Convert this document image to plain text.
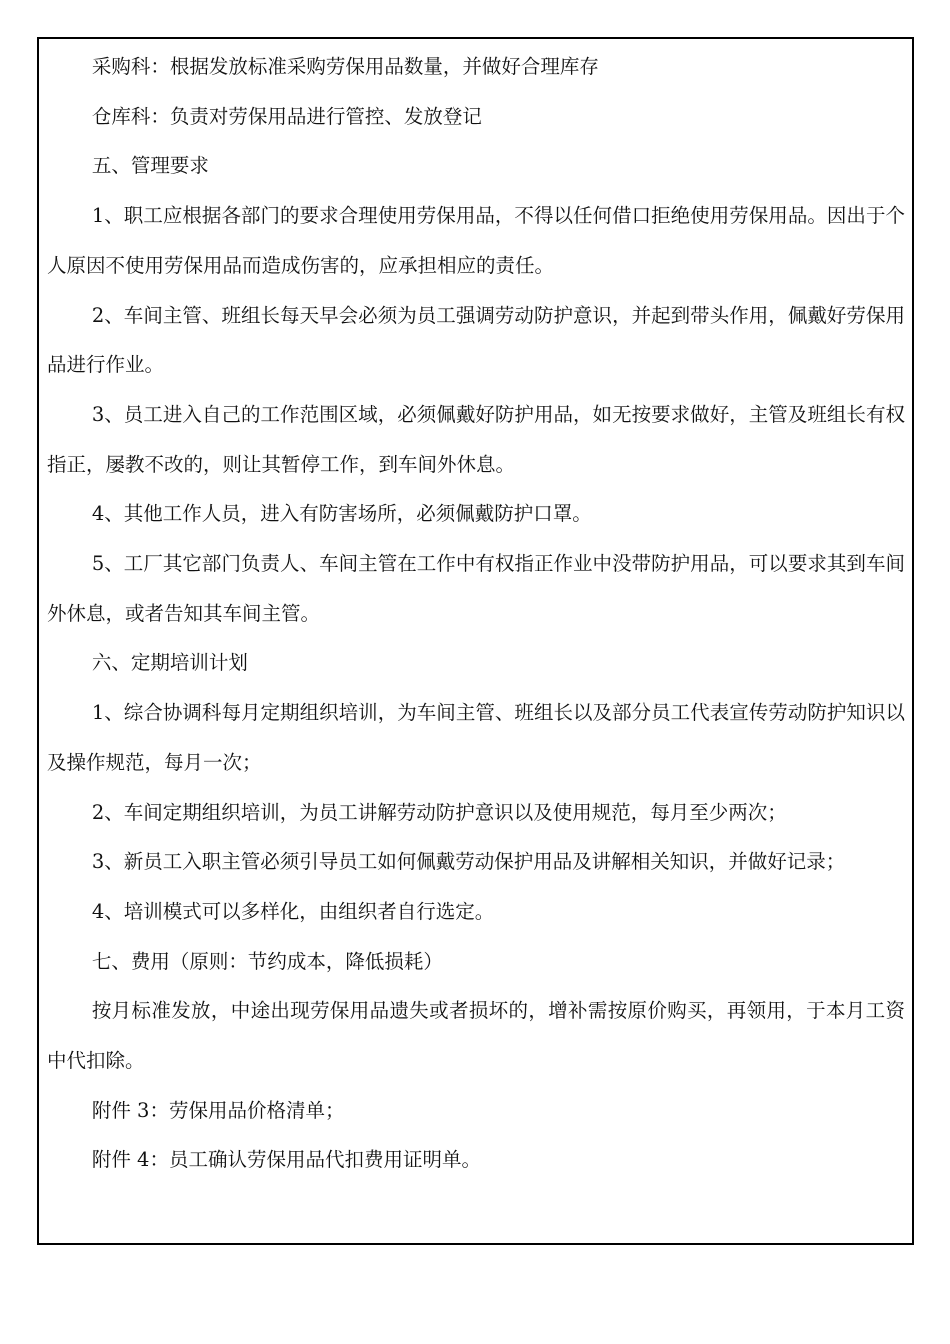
采购科：根据发放标准采购劳保用品数量，并做好合理库存

仓库科：负责对劳保用品进行管控、发放登记

五、管理要求

1、职工应根据各部门的要求合理使用劳保用品，不得以任何借口拒绝使用劳保用品。因出于个人原因不使用劳保用品而造成伤害的，应承担相应的责任。

2、车间主管、班组长每天早会必须为员工强调劳动防护意识，并起到带头作用，佩戴好劳保用品进行作业。

3、员工进入自己的工作范围区域，必须佩戴好防护用品，如无按要求做好，主管及班组长有权指正，屡教不改的，则让其暂停工作，到车间外休息。

4、其他工作人员，进入有防害场所，必须佩戴防护口罩。

5、工厂其它部门负责人、车间主管在工作中有权指正作业中没带防护用品，可以要求其到车间外休息，或者告知其车间主管。

六、定期培训计划

1、综合协调科每月定期组织培训，为车间主管、班组长以及部分员工代表宣传劳动防护知识以及操作规范，每月一次；

2、车间定期组织培训，为员工讲解劳动防护意识以及使用规范，每月至少两次；

3、新员工入职主管必须引导员工如何佩戴劳动保护用品及讲解相关知识，并做好记录；

4、培训模式可以多样化，由组织者自行选定。

七、费用（原则：节约成本，降低损耗）

按月标准发放，中途出现劳保用品遗失或者损坏的，增补需按原价购买，再领用，于本月工资中代扣除。

附件 3：劳保用品价格清单；

附件 4：员工确认劳保用品代扣费用证明单。
